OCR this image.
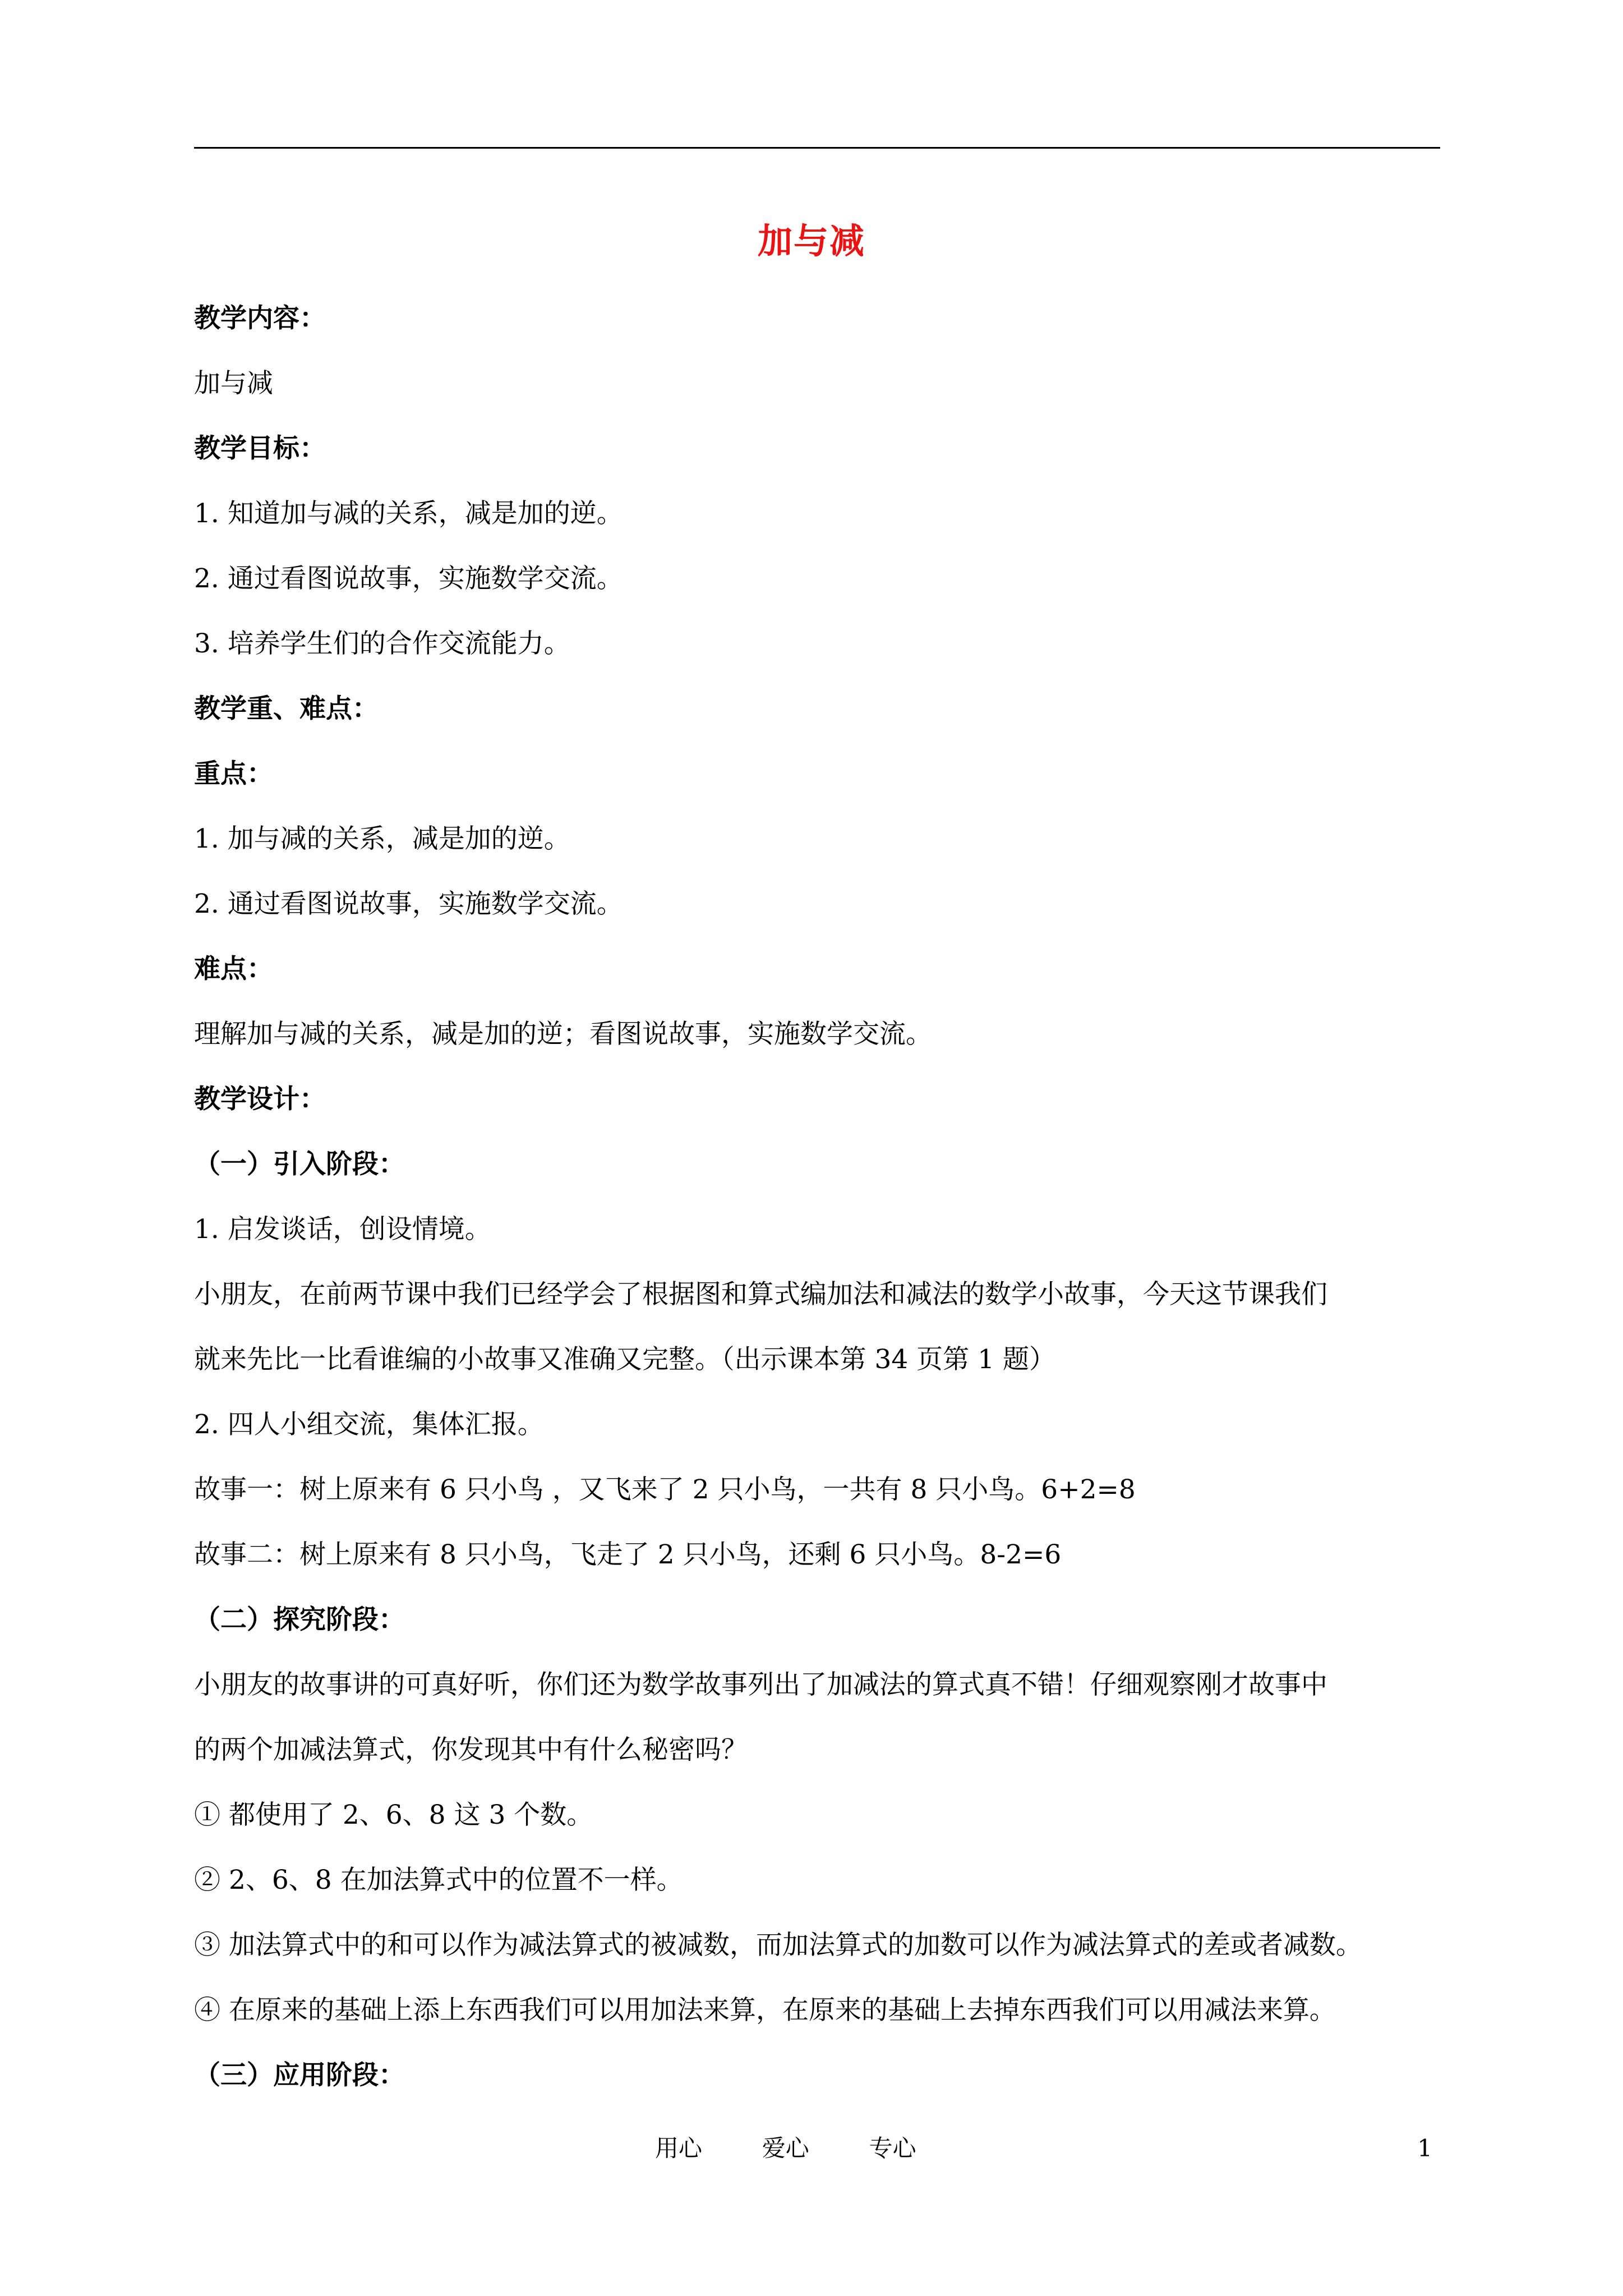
加与减
教学内容：
加与减
教学目标：
1. 知道加与减的关系，减是加的逆。
2. 通过看图说故事，实施数学交流。
3. 培养学生们的合作交流能力。
教学重、难点：
重点：
1. 加与减的关系，减是加的逆。
2. 通过看图说故事，实施数学交流。
难点：
理解加与减的关系，减是加的逆；看图说故事，实施数学交流。
教学设计：
（一）引入阶段：
1. 启发谈话，创设情境。
小朋友，在前两节课中我们已经学会了根据图和算式编加法和减法的数学小故事，今天这节课我们
就来先比一比看谁编的小故事又准确又完整。（出示课本第 34 页第 1 题）
2. 四人小组交流，集体汇报。
故事一：树上原来有 6 只小鸟 ，又飞来了 2 只小鸟，一共有 8 只小鸟。6+2=8
故事二：树上原来有 8 只小鸟，飞走了 2 只小鸟，还剩 6 只小鸟。8-2=6
（二）探究阶段：
小朋友的故事讲的可真好听，你们还为数学故事列出了加减法的算式真不错！仔细观察刚才故事中
的两个加减法算式，你发现其中有什么秘密吗？
① 都使用了 2、6、8 这 3 个数。
② 2、6、8 在加法算式中的位置不一样。
③ 加法算式中的和可以作为减法算式的被减数，而加法算式的加数可以作为减法算式的差或者减数。
④ 在原来的基础上添上东西我们可以用加法来算，在原来的基础上去掉东西我们可以用减法来算。
（三）应用阶段：
用心        爱心        专心	1
